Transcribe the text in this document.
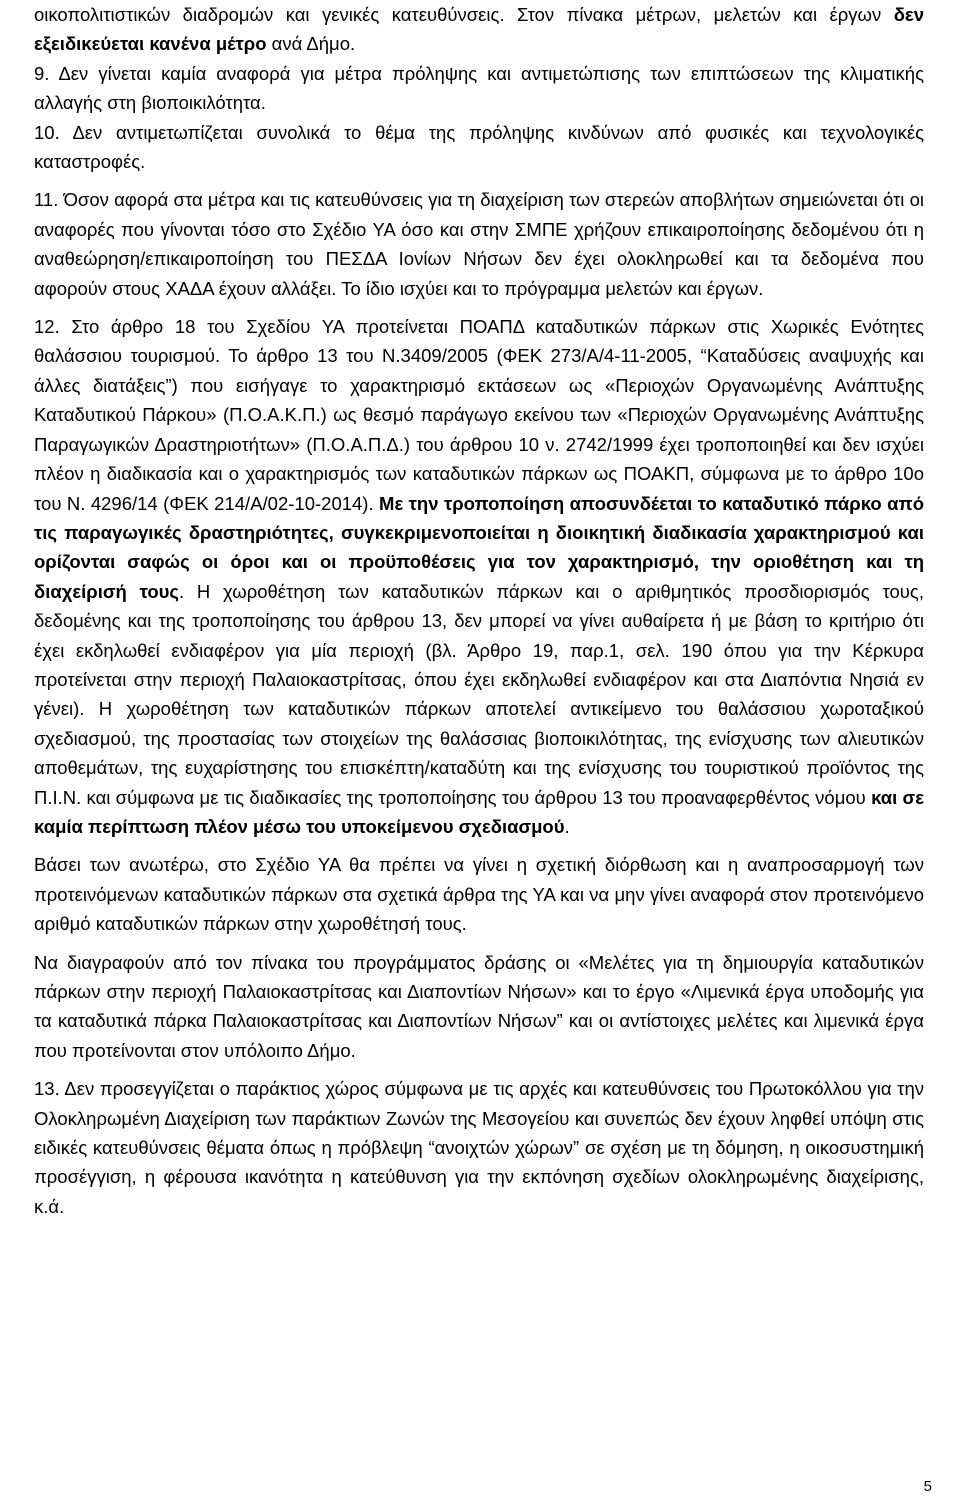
οικοπολιτιστικών διαδρομών και γενικές κατευθύνσεις. Στον πίνακα μέτρων, μελετών και έργων δεν εξειδικεύεται κανένα μέτρο ανά Δήμο.

9. Δεν γίνεται καμία αναφορά για μέτρα πρόληψης και αντιμετώπισης των επιπτώσεων της κλιματικής αλλαγής στη βιοποικιλότητα.

10. Δεν αντιμετωπίζεται συνολικά το θέμα της πρόληψης κινδύνων από φυσικές και τεχνολογικές καταστροφές.

11. Όσον αφορά στα μέτρα και τις κατευθύνσεις για τη διαχείριση των στερεών αποβλήτων σημειώνεται ότι οι αναφορές που γίνονται τόσο στο Σχέδιο ΥΑ όσο και στην ΣΜΠΕ χρήζουν επικαιροποίησης δεδομένου ότι η αναθεώρηση/επικαιροποίηση του ΠΕΣΔΑ Ιονίων Νήσων δεν έχει ολοκληρωθεί και τα δεδομένα που αφορούν στους ΧΑΔΑ έχουν αλλάξει. Το ίδιο ισχύει και το πρόγραμμα μελετών και έργων.

12. Στο άρθρο 18 του Σχεδίου ΥΑ προτείνεται ΠΟΑΠΔ καταδυτικών πάρκων στις Χωρικές Ενότητες θαλάσσιου τουρισμού. Το άρθρο 13 του Ν.3409/2005 (ΦΕΚ 273/Α/4-11-2005, “Καταδύσεις αναψυχής και άλλες διατάξεις”) που εισήγαγε το χαρακτηρισμό εκτάσεων ως «Περιοχών Οργανωμένης Ανάπτυξης Καταδυτικού Πάρκου» (Π.Ο.Α.Κ.Π.) ως θεσμό παράγωγο εκείνου των «Περιοχών Οργανωμένης Ανάπτυξης Παραγωγικών Δραστηριοτήτων» (Π.Ο.Α.Π.Δ.) του άρθρου 10 ν. 2742/1999 έχει τροποποιηθεί και δεν ισχύει πλέον η διαδικασία και ο χαρακτηρισμός των καταδυτικών πάρκων ως ΠΟΑΚΠ, σύμφωνα με το άρθρο 10ο του Ν. 4296/14 (ΦΕΚ 214/Α/02-10-2014). Με την τροποποίηση αποσυνδέεται το καταδυτικό πάρκο από τις παραγωγικές δραστηριότητες, συγκεκριμενοποιείται η διοικητική διαδικασία χαρακτηρισμού και ορίζονται σαφώς οι όροι και οι προϋποθέσεις για τον χαρακτηρισμό, την οριοθέτηση και τη διαχείρισή τους. Η χωροθέτηση των καταδυτικών πάρκων και ο αριθμητικός προσδιορισμός τους, δεδομένης και της τροποποίησης του άρθρου 13, δεν μπορεί να γίνει αυθαίρετα ή με βάση το κριτήριο ότι έχει εκδηλωθεί ενδιαφέρον για μία περιοχή (βλ. Άρθρο 19, παρ.1, σελ. 190 όπου για την Κέρκυρα προτείνεται στην περιοχή Παλαιοκαστρίτσας, όπου έχει εκδηλωθεί ενδιαφέρον και στα Διαπόντια Νησιά εν γένει). Η χωροθέτηση των καταδυτικών πάρκων αποτελεί αντικείμενο του θαλάσσιου χωροταξικού σχεδιασμού, της προστασίας των στοιχείων της θαλάσσιας βιοποικιλότητας, της ενίσχυσης των αλιευτικών αποθεμάτων, της ευχαρίστησης του επισκέπτη/καταδύτη και της ενίσχυσης του τουριστικού προϊόντος της Π.Ι.Ν. και σύμφωνα με τις διαδικασίες της τροποποίησης του άρθρου 13 του προαναφερθέντος νόμου και σε καμία περίπτωση πλέον μέσω του υποκείμενου σχεδιασμού.

Βάσει των ανωτέρω, στο Σχέδιο ΥΑ θα πρέπει να γίνει η σχετική διόρθωση και η αναπροσαρμογή των προτεινόμενων καταδυτικών πάρκων στα σχετικά άρθρα της ΥΑ και να μην γίνει αναφορά στον προτεινόμενο αριθμό καταδυτικών πάρκων στην χωροθέτησή τους.

Να διαγραφούν από τον πίνακα του προγράμματος δράσης οι «Μελέτες για τη δημιουργία καταδυτικών πάρκων στην περιοχή Παλαιοκαστρίτσας και Διαποντίων Νήσων» και το έργο «Λιμενικά έργα υποδομής για τα καταδυτικά πάρκα Παλαιοκαστρίτσας και Διαποντίων Νήσων” και οι αντίστοιχες μελέτες και λιμενικά έργα που προτείνονται στον υπόλοιπο Δήμο.

13. Δεν προσεγγίζεται ο παράκτιος χώρος σύμφωνα με τις αρχές και κατευθύνσεις του Πρωτοκόλλου για την Ολοκληρωμένη Διαχείριση των παράκτιων Ζωνών της Μεσογείου και συνεπώς δεν έχουν ληφθεί υπόψη στις ειδικές κατευθύνσεις θέματα όπως η πρόβλεψη “ανοιχτών χώρων” σε σχέση με τη δόμηση, η οικοσυστημική προσέγγιση, η φέρουσα ικανότητα η κατεύθυνση για την εκπόνηση σχεδίων ολοκληρωμένης διαχείρισης, κ.ά.

5
